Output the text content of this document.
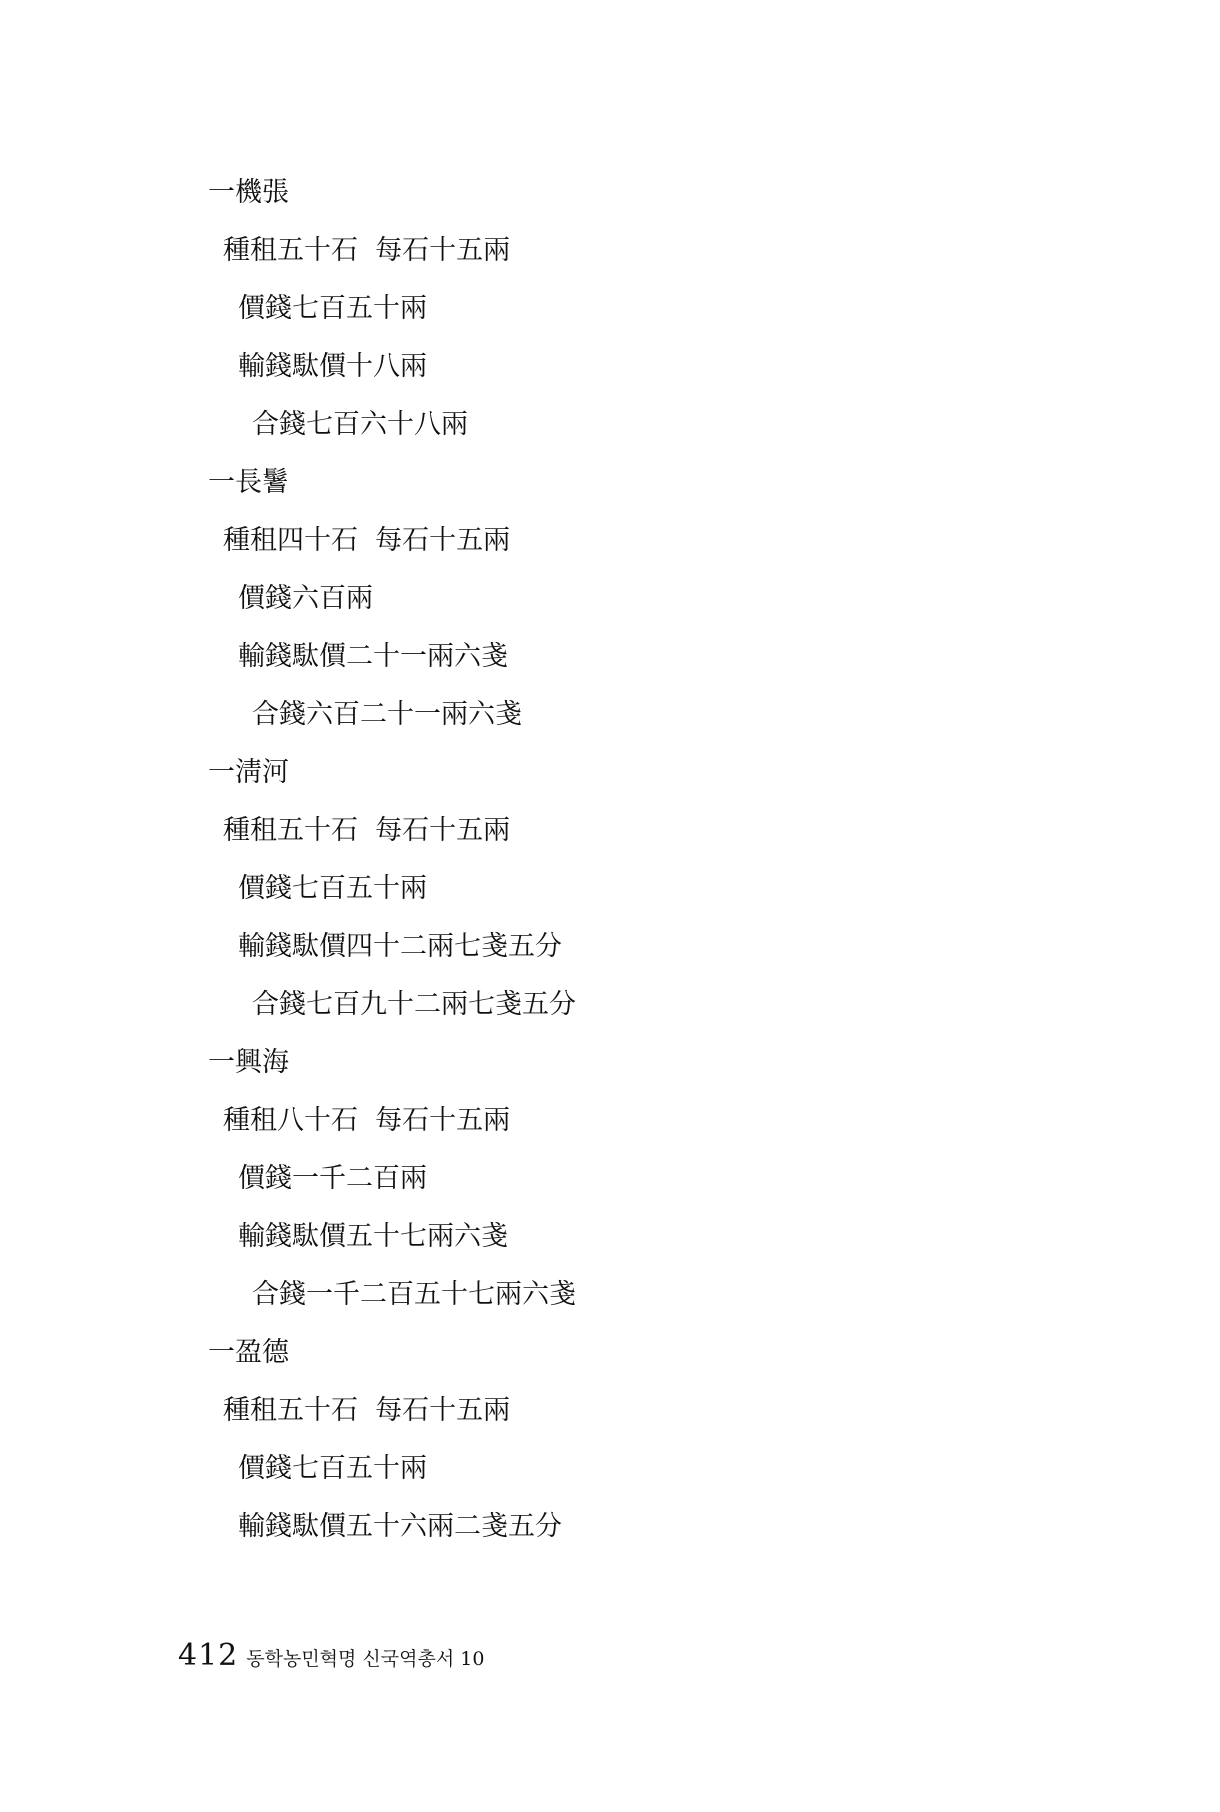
一機張
種租五十石  每石十五兩
價錢七百五十兩
輸錢駄價十八兩
合錢七百六十八兩
一長鬐
種租四十石  每石十五兩
價錢六百兩
輸錢駄價二十一兩六戔
合錢六百二十一兩六戔
一淸河
種租五十石  每石十五兩
價錢七百五十兩
輸錢駄價四十二兩七戔五分
合錢七百九十二兩七戔五分
一興海
種租八十石  每石十五兩
價錢一千二百兩
輸錢駄價五十七兩六戔
合錢一千二百五十七兩六戔
一盈德
種租五十石  每石十五兩
價錢七百五十兩
輸錢駄價五十六兩二戔五分
412 동학농민혁명 신국역총서 10
